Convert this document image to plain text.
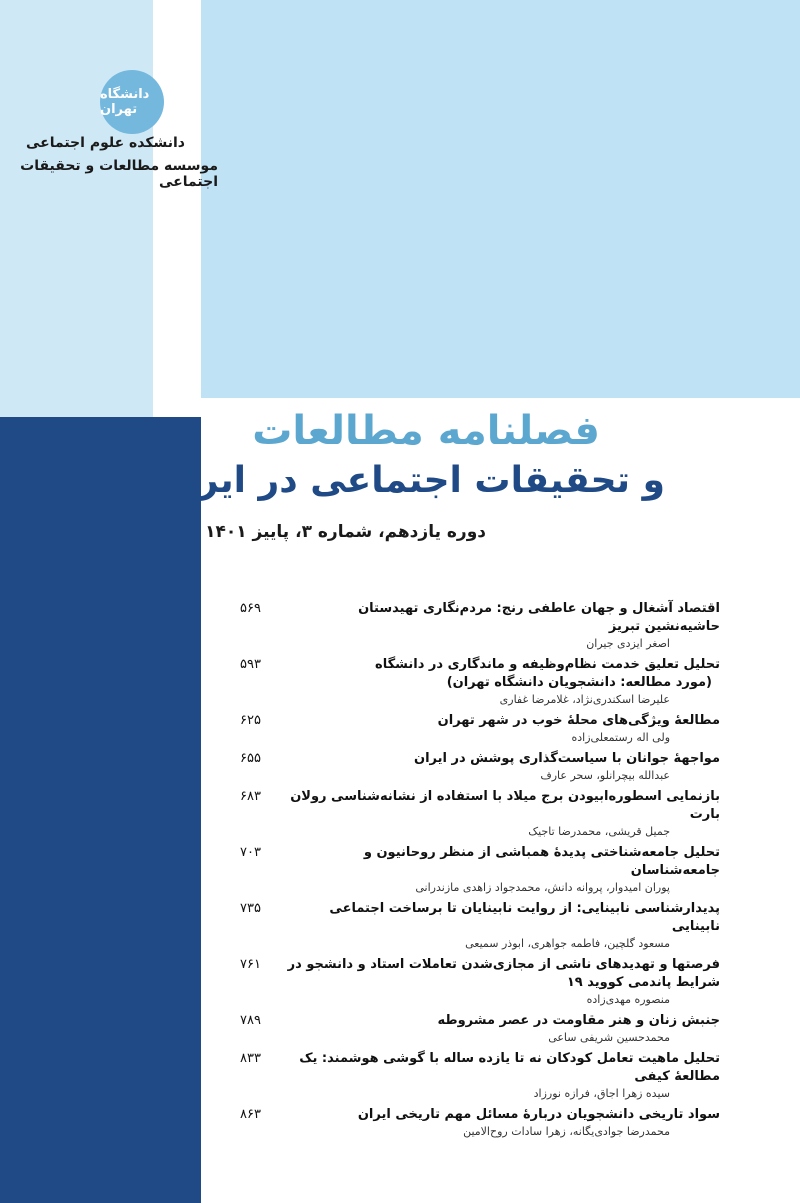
دانشگاه تهران
دانشکده علوم اجتماعی
موسسه مطالعات و تحقیقات اجتماعی
فصلنامه مطالعات
و تحقیقات اجتماعی در ایران
دوره یازدهم، شماره ۳، پاییز ۱۴۰۱
اقتصاد آشغال و جهان عاطفی رنج: مردم‌نگاری تهیدستان حاشیه‌نشین تبریز
۵۶۹
اصغر ایزدی جیران
تحلیل تعلیق خدمت نظام‌وظیفه و ماندگاری در دانشگاه
۵۹۳
(مورد مطالعه: دانشجویان دانشگاه تهران)
علیرضا اسکندری‌نژاد، غلامرضا غفاری
مطالعۀ ویژگی‌های محلۀ خوب در شهر تهران
۶۲۵
ولی اله رستمعلی‌زاده
مواجهۀ جوانان با سیاست‌گذاری پوشش در ایران
۶۵۵
عبدالله بیچرانلو، سحر عارف
بازنمایی اسطوره‌ابیودن برج میلاد با استفاده از نشانه‌شناسی رولان بارت
۶۸۳
جمیل قریشی، محمدرضا تاجیک
تحلیل جامعه‌شناختی پدیدۀ همباشی از منظر روحانیون و جامعه‌شناسان
۷۰۳
پوران امیدوار، پروانه دانش، محمدجواد زاهدی مازندرانی
پدیدارشناسی نابینایی: از روایت نابینایان تا برساخت اجتماعی نابینایی
۷۳۵
مسعود گلچین، فاطمه جواهری، ابوذر سمیعی
فرصتها و تهدیدهای ناشی از مجازی‌شدن تعاملات استاد و دانشجو در شرایط پاندمی کووید ۱۹
۷۶۱
منصوره مهدی‌زاده
جنبش زنان و هنر مقاومت در عصر مشروطه
۷۸۹
محمدحسین شریفی ساعی
تحلیل ماهیت تعامل کودکان نه تا یازده ساله با گوشی هوشمند: یک مطالعۀ کیفی
۸۳۳
سیده زهرا اجاق، فرازه نورزاد
سواد تاریخی دانشجویان دربارۀ مسائل مهم تاریخی ایران
۸۶۳
محمدرضا جوادی‌یگانه، زهرا سادات روح‌الامین
